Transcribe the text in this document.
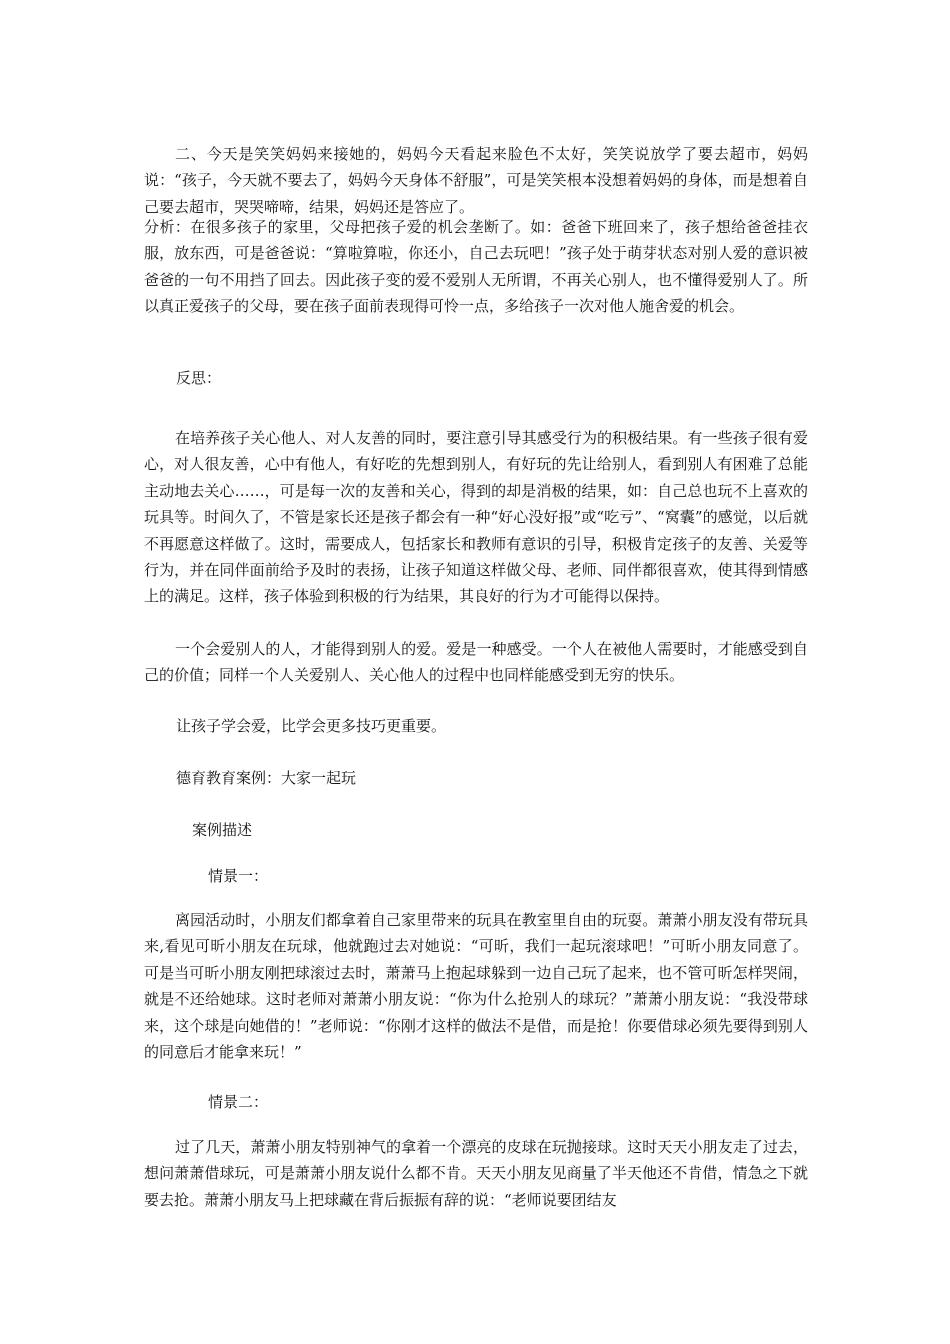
二、今天是笑笑妈妈来接她的，妈妈今天看起来脸色不太好，笑笑说放学了要去超市，妈妈说：“孩子，今天就不要去了，妈妈今天身体不舒服”，可是笑笑根本没想着妈妈的身体，而是想着自己要去超市，哭哭啼啼，结果，妈妈还是答应了。

分析：在很多孩子的家里，父母把孩子爱的机会垄断了。如：爸爸下班回来了，孩子想给爸爸挂衣服，放东西，可是爸爸说：“算啦算啦，你还小，自己去玩吧！”孩子处于萌芽状态对别人爱的意识被爸爸的一句不用挡了回去。因此孩子变的爱不爱别人无所谓，不再关心别人，也不懂得爱别人了。所以真正爱孩子的父母，要在孩子面前表现得可怜一点，多给孩子一次对他人施舍爱的机会。

反思：

在培养孩子关心他人、对人友善的同时，要注意引导其感受行为的积极结果。有一些孩子很有爱心，对人很友善，心中有他人，有好吃的先想到别人，有好玩的先让给别人，看到别人有困难了总能主动地去关心……，可是每一次的友善和关心，得到的却是消极的结果，如：自己总也玩不上喜欢的玩具等。时间久了，不管是家长还是孩子都会有一种“好心没好报”或“吃亏”、“窝囊”的感觉，以后就不再愿意这样做了。这时，需要成人，包括家长和教师有意识的引导，积极肯定孩子的友善、关爱等行为，并在同伴面前给予及时的表扬，让孩子知道这样做父母、老师、同伴都很喜欢，使其得到情感上的满足。这样，孩子体验到积极的行为结果，其良好的行为才可能得以保持。

一个会爱别人的人，才能得到别人的爱。爱是一种感受。一个人在被他人需要时，才能感受到自己的价值；同样一个人关爱别人、关心他人的过程中也同样能感受到无穷的快乐。

让孩子学会爱，比学会更多技巧更重要。

德育教育案例：大家一起玩

案例描述

情景一：

离园活动时，小朋友们都拿着自己家里带来的玩具在教室里自由的玩耍。萧萧小朋友没有带玩具来,看见可昕小朋友在玩球，他就跑过去对她说：“可昕，我们一起玩滚球吧！”可昕小朋友同意了。可是当可昕小朋友刚把球滚过去时，萧萧马上抱起球躲到一边自己玩了起来，也不管可昕怎样哭闹，就是不还给她球。这时老师对萧萧小朋友说：“你为什么抢别人的球玩？”萧萧小朋友说：“我没带球来，这个球是向她借的！”老师说：“你刚才这样的做法不是借，而是抢！你要借球必须先要得到别人的同意后才能拿来玩！”

情景二：

过了几天，萧萧小朋友特别神气的拿着一个漂亮的皮球在玩抛接球。这时天天小朋友走了过去，想问萧萧借球玩，可是萧萧小朋友说什么都不肯。天天小朋友见商量了半天他还不肯借，情急之下就要去抢。萧萧小朋友马上把球藏在背后振振有辞的说：“老师说要团结友
